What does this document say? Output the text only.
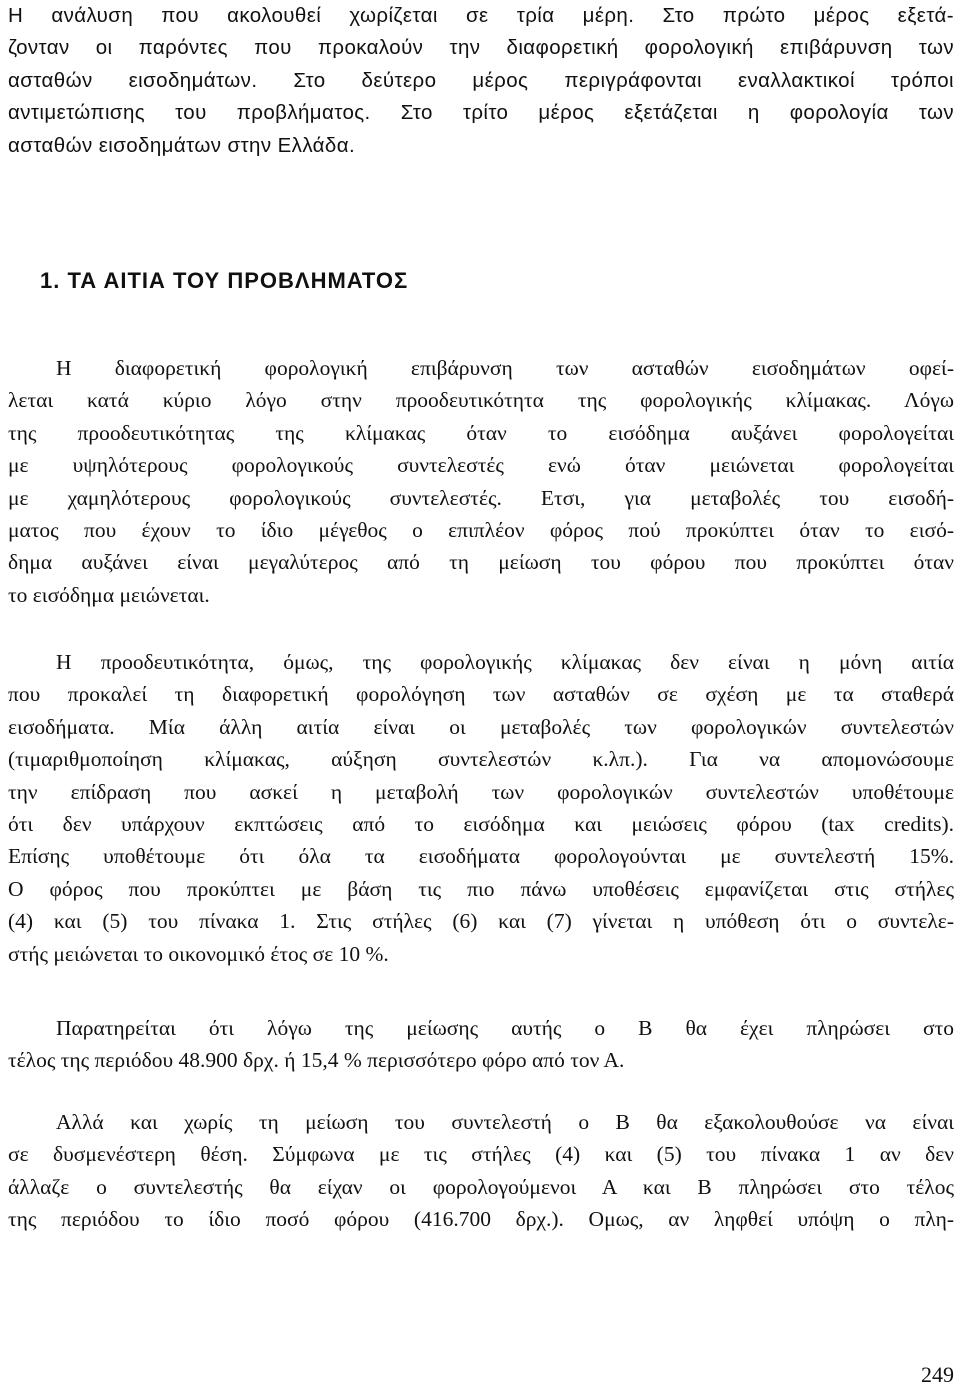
Η ανάλυση που ακολουθεί χωρίζεται σε τρία μέρη. Στο πρώτο μέρος εξετά-
ζονταν οι παρόντες που προκαλούν την διαφορετική φορολογική επιβάρυνση των
ασταθών εισοδημάτων. Στο δεύτερο μέρος περιγράφονται εναλλακτικοί τρόποι
αντιμετώπισης του προβλήματος. Στο τρίτο μέρος εξετάζεται η φορολογία των
ασταθών εισοδημάτων στην Ελλάδα.
1. ΤΑ ΑΙΤΙΑ ΤΟΥ ΠΡΟΒΛΗΜΑΤΟΣ
Η διαφορετική φορολογική επιβάρυνση των ασταθών εισοδημάτων οφεί-
λεται κατά κύριο λόγο στην προοδευτικότητα της φορολογικής κλίμακας. Λόγω
της προοδευτικότητας της κλίμακας όταν το εισόδημα αυξάνει φορολογείται
με υψηλότερους φορολογικούς συντελεστές ενώ όταν μειώνεται φορολογείται
με χαμηλότερους φορολογικούς συντελεστές. Ετσι, για μεταβολές του εισοδή-
ματος που έχουν το ίδιο μέγεθος ο επιπλέον φόρος πού προκύπτει όταν το εισό-
δημα αυξάνει είναι μεγαλύτερος από τη μείωση του φόρου που προκύπτει όταν
το εισόδημα μειώνεται.
Η προοδευτικότητα, όμως, της φορολογικής κλίμακας δεν είναι η μόνη αιτία
που προκαλεί τη διαφορετική φορολόγηση των ασταθών σε σχέση με τα σταθερά
εισοδήματα. Μία άλλη αιτία είναι οι μεταβολές των φορολογικών συντελεστών
(τιμαριθμοποίηση κλίμακας, αύξηση συντελεστών κ.λπ.). Για να απομονώσουμε
την επίδραση που ασκεί η μεταβολή των φορολογικών συντελεστών υποθέτουμε
ότι δεν υπάρχουν εκπτώσεις από το εισόδημα και μειώσεις φόρου (tax credits).
Επίσης υποθέτουμε ότι όλα τα εισοδήματα φορολογούνται με συντελεστή 15%.
Ο φόρος που προκύπτει με βάση τις πιο πάνω υποθέσεις εμφανίζεται στις στήλες
(4) και (5) του πίνακα 1. Στις στήλες (6) και (7) γίνεται η υπόθεση ότι ο συντελε-
στής μειώνεται το οικονομικό έτος σε 10 %.
Παρατηρείται ότι λόγω της μείωσης αυτής ο Β θα έχει πληρώσει στο
τέλος της περιόδου 48.900 δρχ. ή 15,4 % περισσότερο φόρο από τον Α.
Αλλά και χωρίς τη μείωση του συντελεστή ο Β θα εξακολουθούσε να είναι
σε δυσμενέστερη θέση. Σύμφωνα με τις στήλες (4) και (5) του πίνακα 1 αν δεν
άλλαζε ο συντελεστής θα είχαν οι φορολογούμενοι Α και Β πληρώσει στο τέλος
της περιόδου το ίδιο ποσό φόρου (416.700 δρχ.). Ομως, αν ληφθεί υπόψη ο πλη-

249
